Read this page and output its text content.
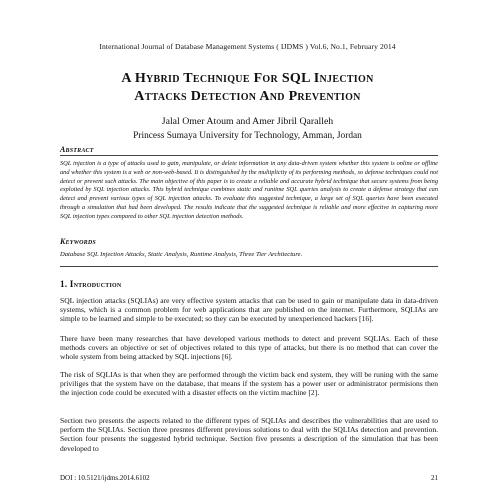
International Journal of Database Management Systems ( IJDMS ) Vol.6, No.1, February 2014
A Hybrid Technique For SQL Injection
Attacks Detection And Prevention
Jalal Omer Atoum and Amer Jibril Qaralleh
Princess Sumaya University for Technology, Amman, Jordan
Abstract
SQL injection is a type of attacks used to gain, manipulate, or delete information in any data-driven system whether this system is online or offline and whether this system is a web or non-web-based. It is distinguished by the multiplicity of its performing methods, so defense techniques could not detect or prevent such attacks. The main objective of this paper is to create a reliable and accurate hybrid technique that secure systems from being exploited by SQL injection attacks. This hybrid technique combines static and runtime SQL queries analysis to create a defense strategy that can detect and prevent various types of SQL injection attacks. To evaluate this suggested technique, a large set of SQL queries have been executed through a simulation that had been developed. The results indicate that the suggested technique is reliable and more effective in capturing more SQL injection types compared to other SQL injection detection methods.
Keywords
Database SQL Injection Attacks, Static Analysis, Runtime Analysis, Three Tier Architecture.
1. Introduction
SQL injection attacks (SQLIAs) are very effective system attacks that can be used to gain or manipulate data in data-driven systems, which is a common problem for web applications that are published on the internet. Furthermore, SQLIAs are simple to be learned and simple to be executed; so they can be executed by unexperienced hackers [16].
There have been many researches that have developed various methods to detect and prevent SQLIAs. Each of these methods covers an objective or set of objectives related to this type of attacks, but there is no method that can cover the whole system from being attacked by SQL injections [6].
The risk of SQLIAs is that when they are performed through the victim back end system, they will be runing with the same priviliges that the system have on the database, that means if the system has a power user or administrator permisions then the injection code could be executed with a disaster effects on the victim machine [2].
Section two presents the aspects related to the different types of SQLIAs and describes the vulnerabilities that are used to perform the SQLIAs. Section three presntes different previous solutions to deal with the SQLIAs detection and prevention. Section four presents the suggested hybrid technique. Section five presents a description of the simulation that has been developed to
DOI : 10.5121/ijdms.2014.6102	21
